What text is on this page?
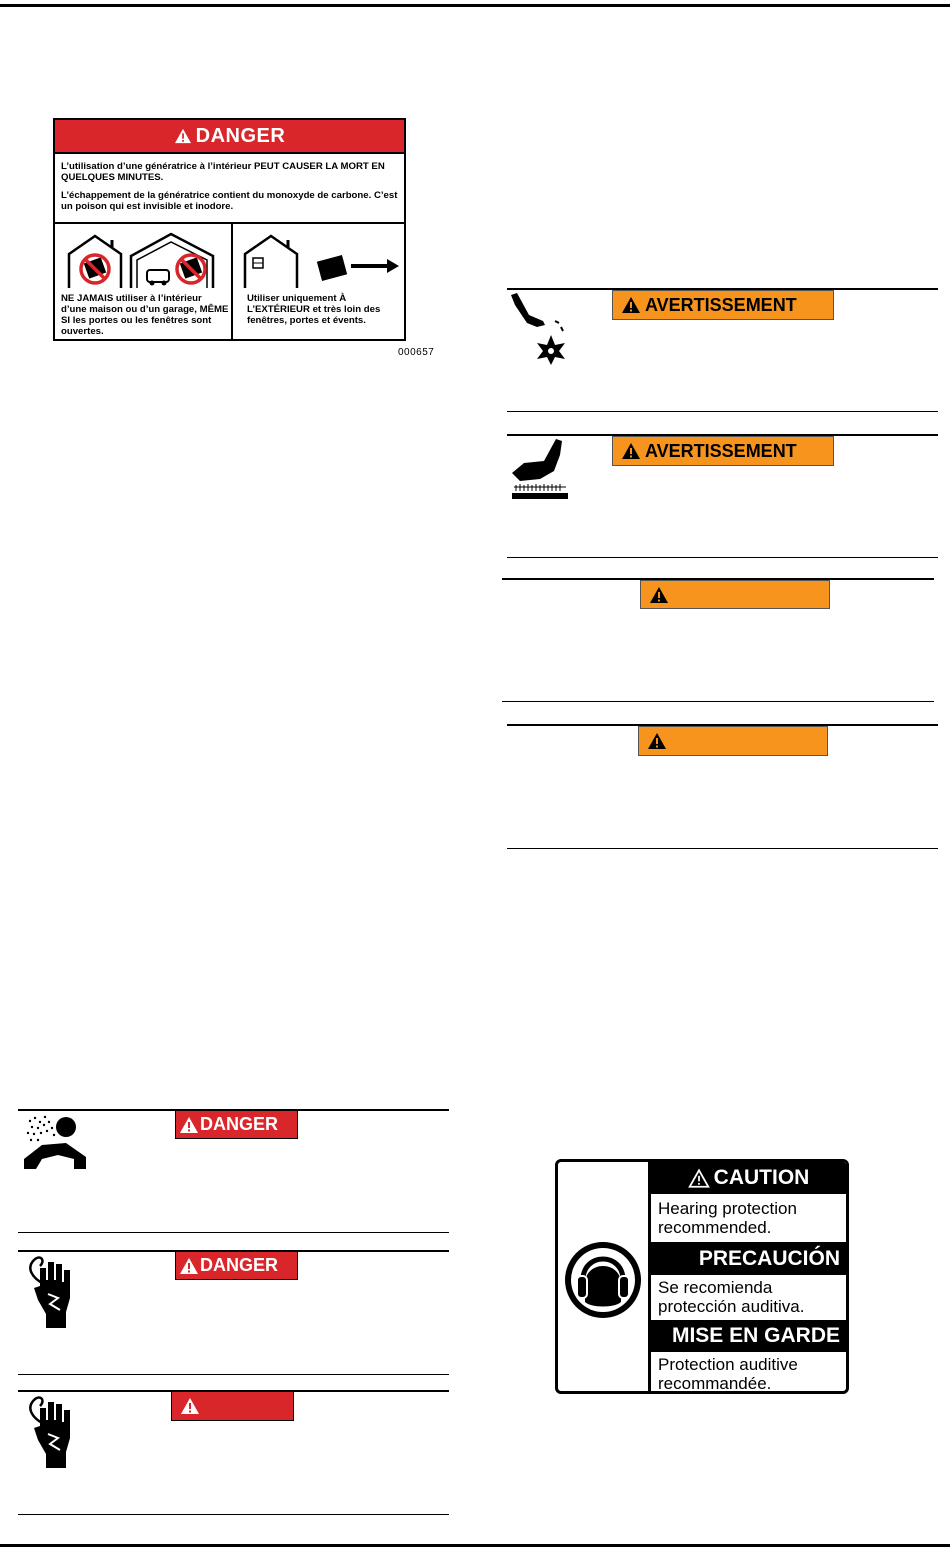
DANGER
L’utilisation d’une génératrice à l’intérieur PEUT CAUSER LA MORT EN QUELQUES MINUTES.
L’échappement de la génératrice contient du monoxyde de carbone. C’est un poison qui est invisible et inodore.
NE JAMAIS utiliser à l’intérieur d’une maison ou d’un garage, MÊME SI les portes ou les fenêtres sont ouvertes.
Utiliser uniquement À L’EXTÉRIEUR et très loin des fenêtres, portes et évents.
000657
AVERTISSEMENT
AVERTISSEMENT
DANGER
DANGER
CAUTION
Hearing protection recommended.
PRECAUCIÓN
Se recomienda protección auditiva.
MISE EN GARDE
Protection auditive recommandée.
